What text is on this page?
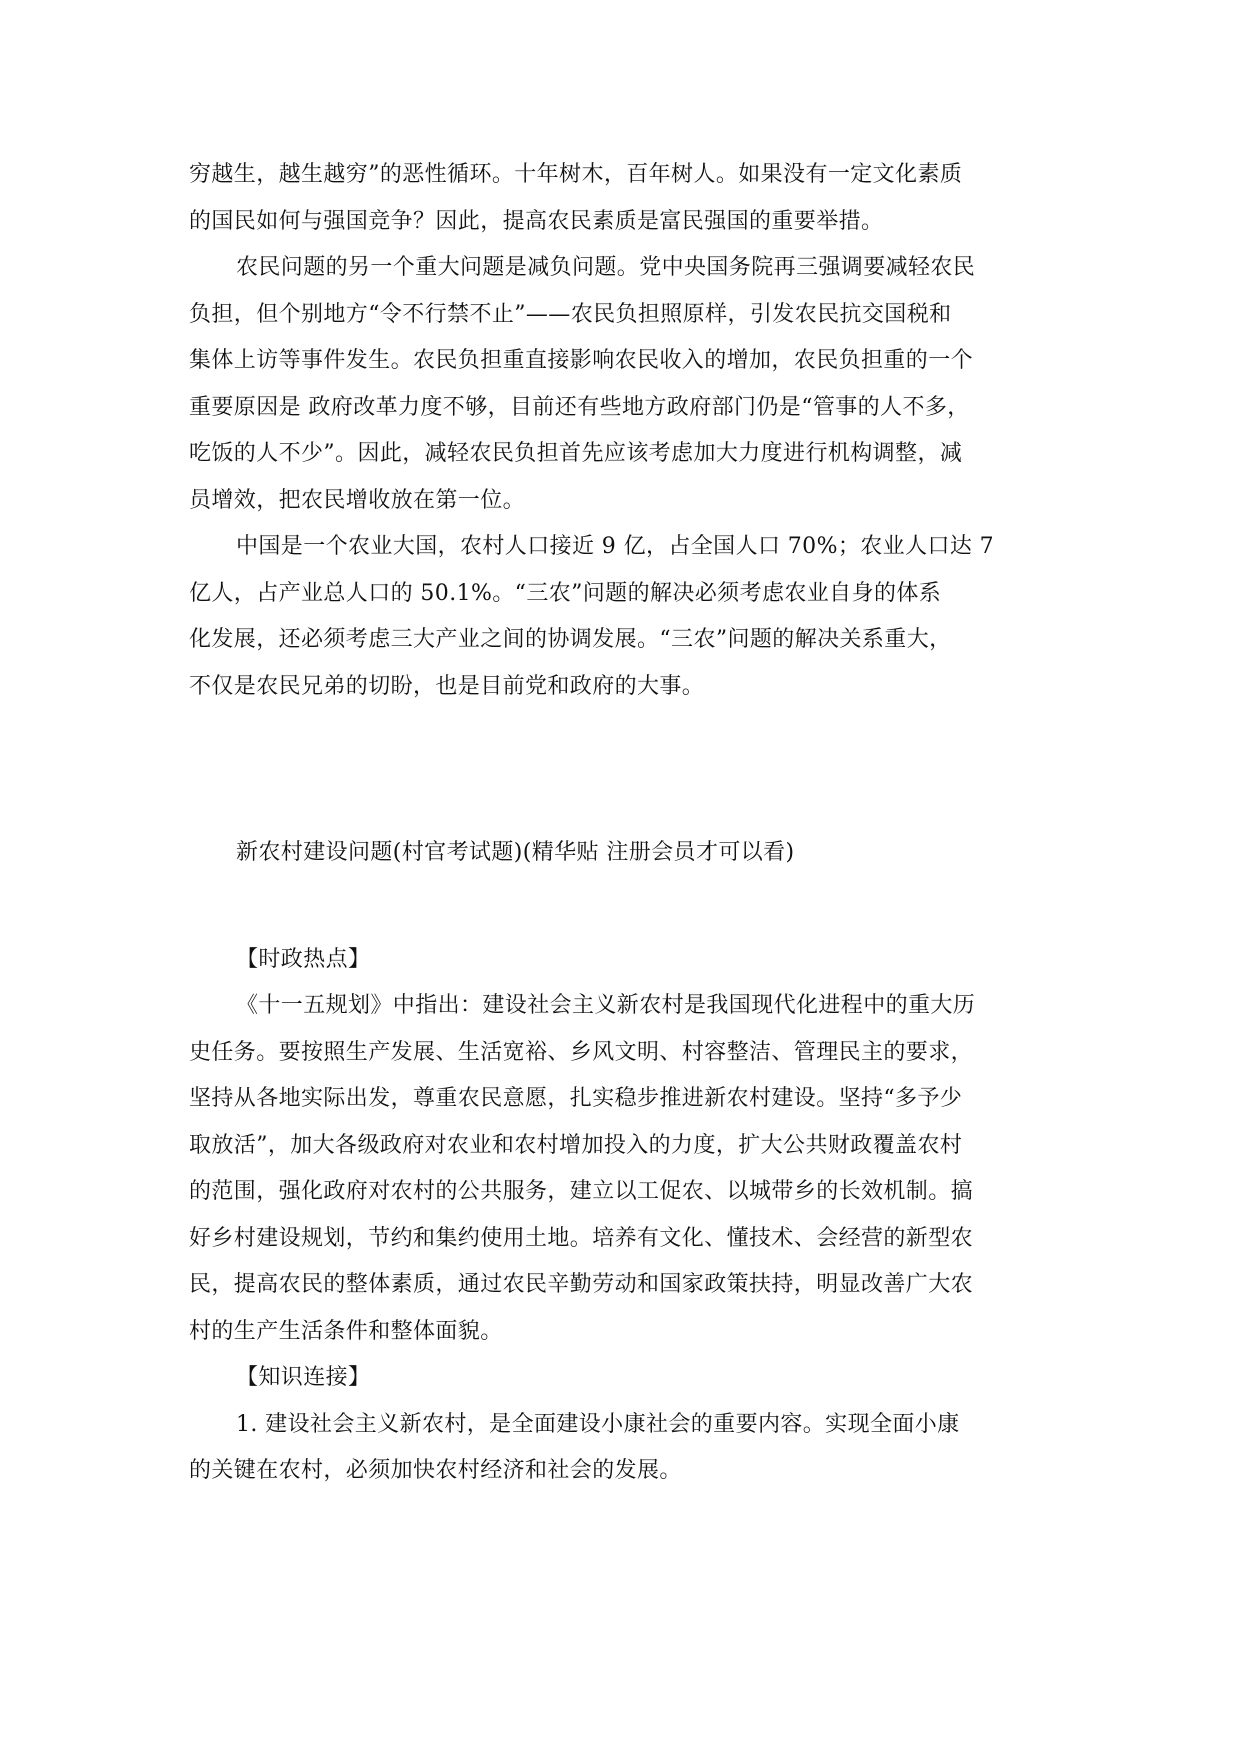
穷越生，越生越穷”的恶性循环。十年树木，百年树人。如果没有一定文化素质
的国民如何与强国竞争？因此，提高农民素质是富民强国的重要举措。
农民问题的另一个重大问题是减负问题。党中央国务院再三强调要减轻农民
负担，但个别地方“令不行禁不止”——农民负担照原样，引发农民抗交国税和
集体上访等事件发生。农民负担重直接影响农民收入的增加，农民负担重的一个
重要原因是 政府改革力度不够，目前还有些地方政府部门仍是“管事的人不多，
吃饭的人不少”。因此，减轻农民负担首先应该考虑加大力度进行机构调整，减
员增效，把农民增收放在第一位。
中国是一个农业大国，农村人口接近 9 亿，占全国人口 70%；农业人口达 7
亿人，占产业总人口的 50.1%。“三农”问题的解决必须考虑农业自身的体系
化发展，还必须考虑三大产业之间的协调发展。“三农”问题的解决关系重大，
不仅是农民兄弟的切盼，也是目前党和政府的大事。
新农村建设问题(村官考试题)(精华贴 注册会员才可以看)
【时政热点】
《十一五规划》中指出：建设社会主义新农村是我国现代化进程中的重大历
史任务。要按照生产发展、生活宽裕、乡风文明、村容整洁、管理民主的要求，
坚持从各地实际出发，尊重农民意愿，扎实稳步推进新农村建设。坚持“多予少
取放活”，加大各级政府对农业和农村增加投入的力度，扩大公共财政覆盖农村
的范围，强化政府对农村的公共服务，建立以工促农、以城带乡的长效机制。搞
好乡村建设规划，节约和集约使用土地。培养有文化、懂技术、会经营的新型农
民，提高农民的整体素质，通过农民辛勤劳动和国家政策扶持，明显改善广大农
村的生产生活条件和整体面貌。
【知识连接】
1. 建设社会主义新农村，是全面建设小康社会的重要内容。实现全面小康
的关键在农村，必须加快农村经济和社会的发展。
